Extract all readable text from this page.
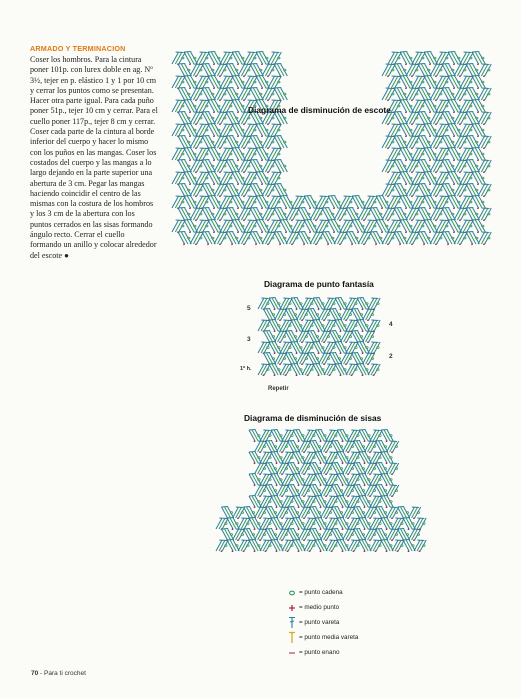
ARMADO Y TERMINACION

Coser los hombros. Para la cintura poner 101p. con lurex doble en ag. Nº 3½, tejer en p. elástico 1 y 1 por 10 cm y cerrar los puntos como se presentan. Hacer otra parte igual. Para cada puño poner 51p., tejer 10 cm y cerrar. Para el cuello poner 117p., tejer 8 cm y cerrar.

Coser cada parte de la cintura al borde inferior del cuerpo y hacer lo mismo con los puños en las mangas. Coser los costados del cuerpo y las mangas a lo largo dejando en la parte superior una abertura de 3 cm. Pegar las mangas haciendo coincidir el centro de las mismas con la costura de los hombros y los 3 cm de la abertura con los puntos cerrados en las sisas formando ángulo recto. Cerrar el cuello formando un anillo y colocar alrededor del escote ●

Diagrama de disminución de escote
Diagrama de punto fantasía
5
4
3
2
1º h.
Repetir
Diagrama de disminución de sisas
= punto cadena
= medio punto
= punto vareta
= punto media vareta
= punto enano
70 - Para ti crochet
